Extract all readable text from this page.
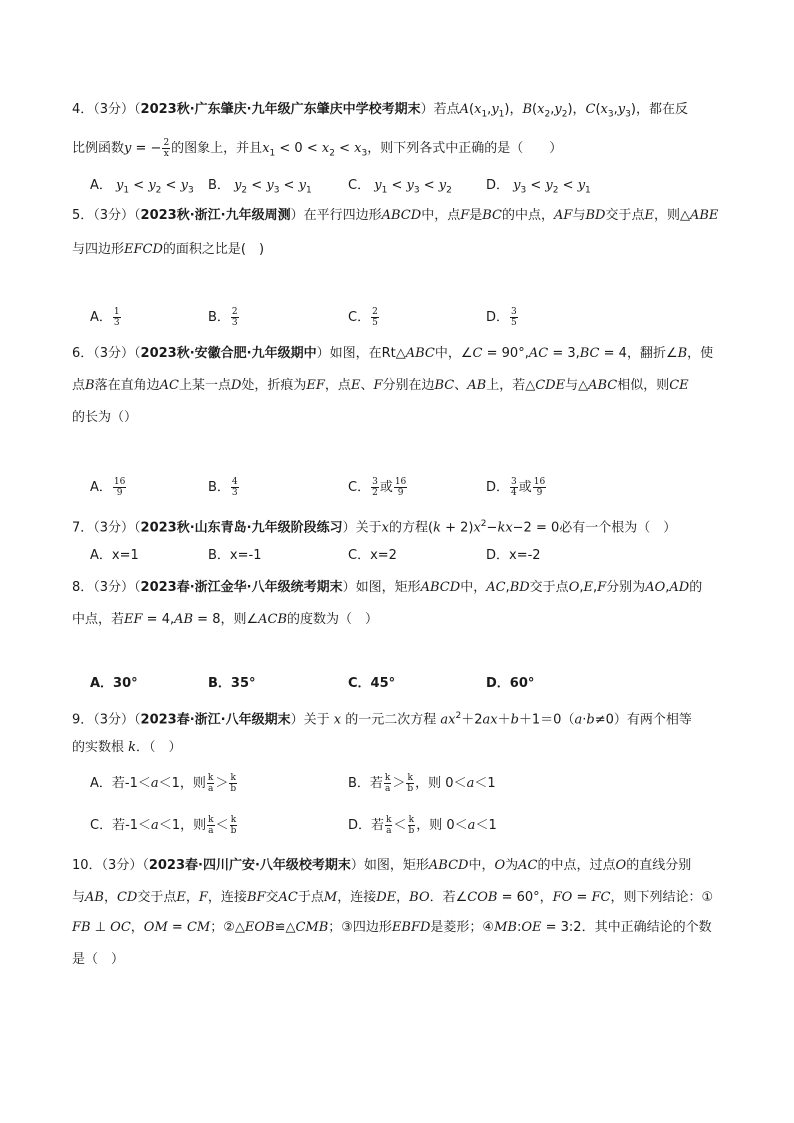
4．（3分）（2023秋·广东肇庆·九年级广东肇庆中学校考期末）若点$A(x_1,y_1)$，$B(x_2,y_2)$，$C(x_3,y_3)$，都在反
比例函数y = − $\frac{2}{x}$ 的图象上，并且$x_1 < 0 < x_2 < x_3$，则下列各式中正确的是（　　）
A． $y_1 < y_2 < y_3$ B． $y_2 < y_3 < y_1$	C． $y_1 < y_3 < y_2$	D． $y_3 < y_2 < y_1$
5．（3分）（2023秋·浙江·九年级周测）在平行四边形ABCD中，点F是BC的中点，AF与BD交于点E，则△ABE
与四边形EFCD的面积之比是(　)
A． $\frac{1}{3}$	B． $\frac{2}{3}$	C． $\frac{2}{5}$	D． $\frac{3}{5}$
6．（3分）（2023秋·安徽合肥·九年级期中）如图，在Rt△ABC中，∠C = 90°,AC = 3,BC = 4，翻折∠B，使
点B落在直角边AC上某一点D处，折痕为EF，点E、F分别在边BC、AB上，若△CDE与△ABC相似，则CE
的长为（）
A． $\frac{16}{9}$	B． $\frac{4}{3}$	C． $\frac{3}{2}$ 或 $\frac{16}{9}$	D． $\frac{3}{4}$ 或 $\frac{16}{9}$
7．（3分）（2023秋·山东青岛·九年级阶段练习）关于x的方程$(k + 2)x^2-kx-2 = 0$必有一个根为（　）
A．x=1	B．x=-1	C．x=2	D．x=-2
8．（3分）（2023春·浙江金华·八年级统考期末）如图，矩形ABCD中，AC,BD交于点O,E,F分别为AO,AD的
中点，若EF = 4,AB = 8，则∠ACB的度数为（　）
A．30°	B．35°	C．45°	D．60°
9．（3分）（2023春·浙江·八年级期末）关于 x 的一元二次方程 $ax^2+2ax+b+1=0(a\cdot b\ne 0)$有两个相等
的实数根 k．（　）
A．若-1＜a＜1，则 $\frac{k}{a} > \frac{k}{b}$	B．若 $\frac{k}{a} > \frac{k}{b}$ ，则 0＜a＜1
C．若-1＜a＜1，则 $\frac{k}{a} < \frac{k}{b}$	D．若 $\frac{k}{a} < \frac{k}{b}$ ，则 0＜a＜1
10．（3分）（2023春·四川广安·八年级校考期末）如图，矩形ABCD中，O为AC的中点，过点O的直线分别
与AB，CD交于点E，F，连接BF交AC于点M，连接DE，BO．若∠COB = 60°，FO = FC，则下列结论：①
FB ⊥ OC，OM = CM；②△EOB≌△CMB；③四边形EBFD是菱形；④MB:OE = 3:2．其中正确结论的个数
是（　）
